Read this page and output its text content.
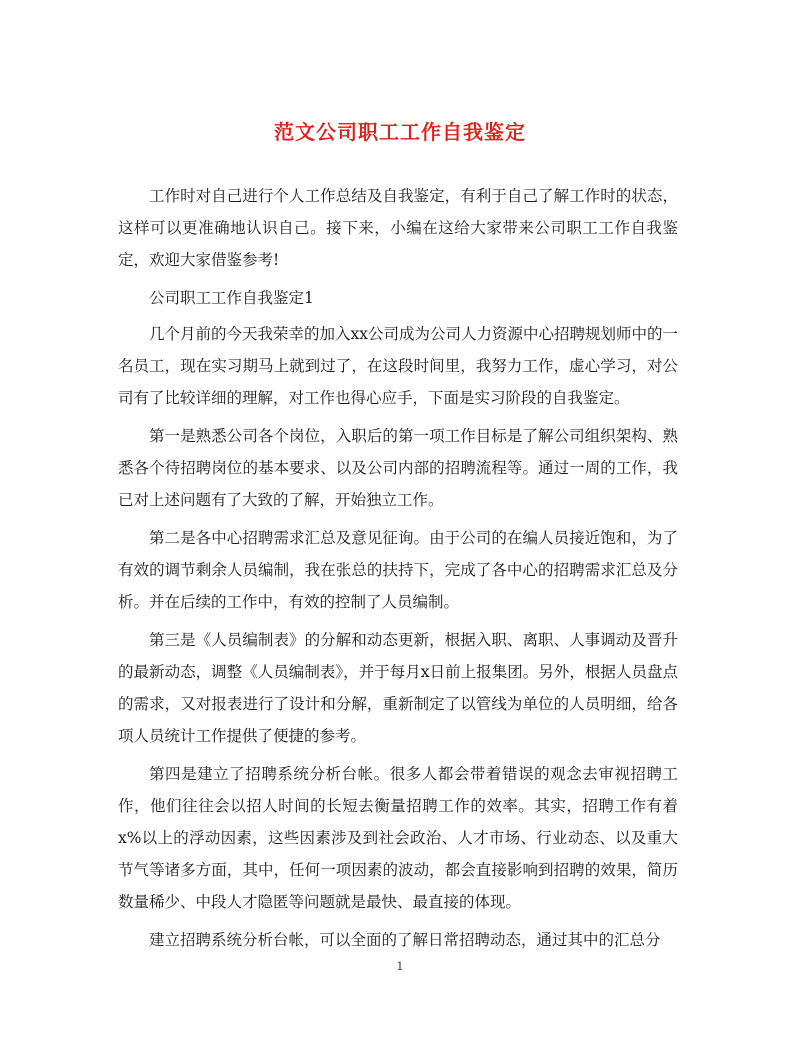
范文公司职工工作自我鉴定

工作时对自己进行个人工作总结及自我鉴定，有利于自己了解工作时的状态，这样可以更准确地认识自己。接下来，小编在这给大家带来公司职工工作自我鉴定，欢迎大家借鉴参考!

公司职工工作自我鉴定1

几个月前的今天我荣幸的加入xx公司成为公司人力资源中心招聘规划师中的一名员工，现在实习期马上就到过了，在这段时间里，我努力工作，虚心学习，对公司有了比较详细的理解，对工作也得心应手，下面是实习阶段的自我鉴定。

第一是熟悉公司各个岗位，入职后的第一项工作目标是了解公司组织架构、熟悉各个待招聘岗位的基本要求、以及公司内部的招聘流程等。通过一周的工作，我已对上述问题有了大致的了解，开始独立工作。

第二是各中心招聘需求汇总及意见征询。由于公司的在编人员接近饱和，为了有效的调节剩余人员编制，我在张总的扶持下，完成了各中心的招聘需求汇总及分析。并在后续的工作中，有效的控制了人员编制。

第三是《人员编制表》的分解和动态更新，根据入职、离职、人事调动及晋升的最新动态，调整《人员编制表》，并于每月x日前上报集团。另外，根据人员盘点的需求，又对报表进行了设计和分解，重新制定了以管线为单位的人员明细，给各项人员统计工作提供了便捷的参考。

第四是建立了招聘系统分析台帐。很多人都会带着错误的观念去审视招聘工作，他们往往会以招人时间的长短去衡量招聘工作的效率。其实，招聘工作有着x%以上的浮动因素，这些因素涉及到社会政治、人才市场、行业动态、以及重大节气等诸多方面，其中，任何一项因素的波动，都会直接影响到招聘的效果，简历数量稀少、中段人才隐匿等问题就是最快、最直接的体现。

建立招聘系统分析台帐，可以全面的了解日常招聘动态，通过其中的汇总分

1
